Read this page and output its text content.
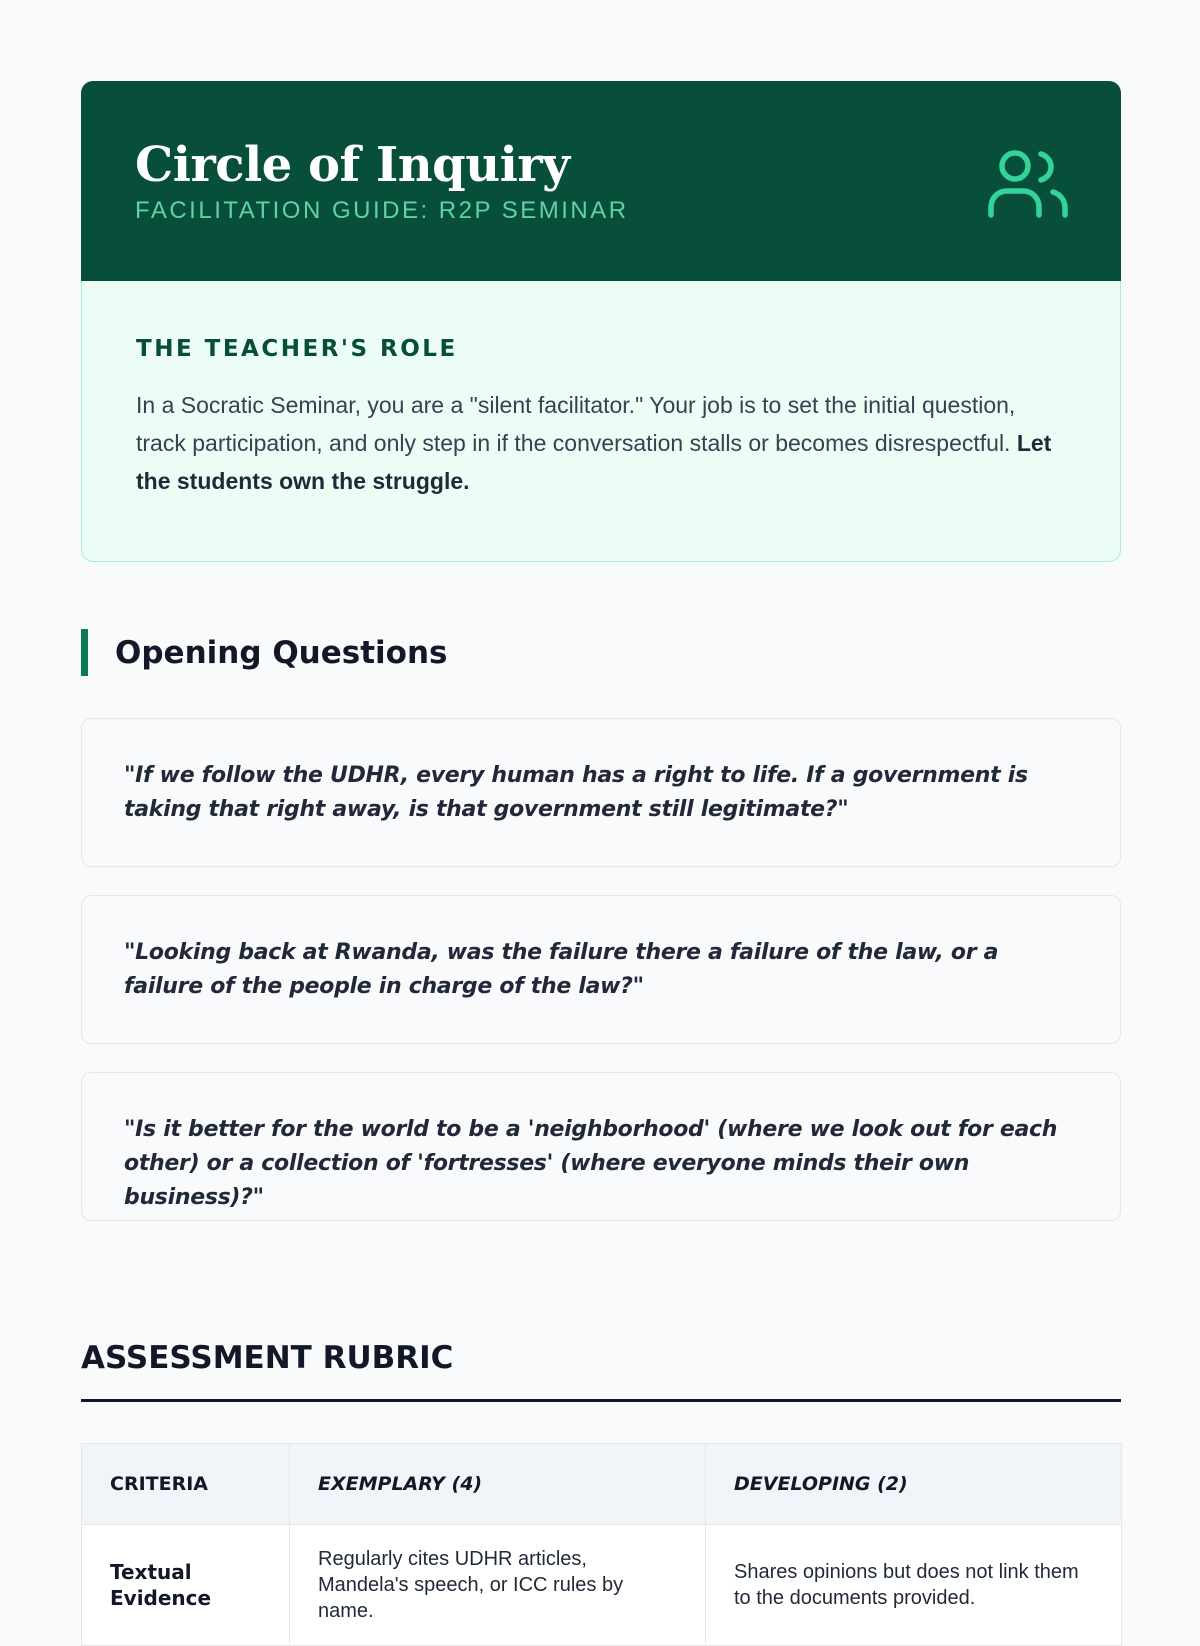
Circle of Inquiry
FACILITATION GUIDE: R2P SEMINAR
THE TEACHER'S ROLE

In a Socratic Seminar, you are a "silent facilitator." Your job is to set the initial question, track participation, and only step in if the conversation stalls or becomes disrespectful. Let the students own the struggle.

Opening Questions
"If we follow the UDHR, every human has a right to life. If a government is taking that right away, is that government still legitimate?"
"Looking back at Rwanda, was the failure there a failure of the law, or a failure of the people in charge of the law?"
"Is it better for the world to be a 'neighborhood' (where we look out for each other) or a collection of 'fortresses' (where everyone minds their own business)?"
ASSESSMENT RUBRIC
CRITERIA	EXEMPLARY (4)	DEVELOPING (2)
Textual Evidence	Regularly cites UDHR articles, Mandela's speech, or ICC rules by name.	Shares opinions but does not link them to the documents provided.
